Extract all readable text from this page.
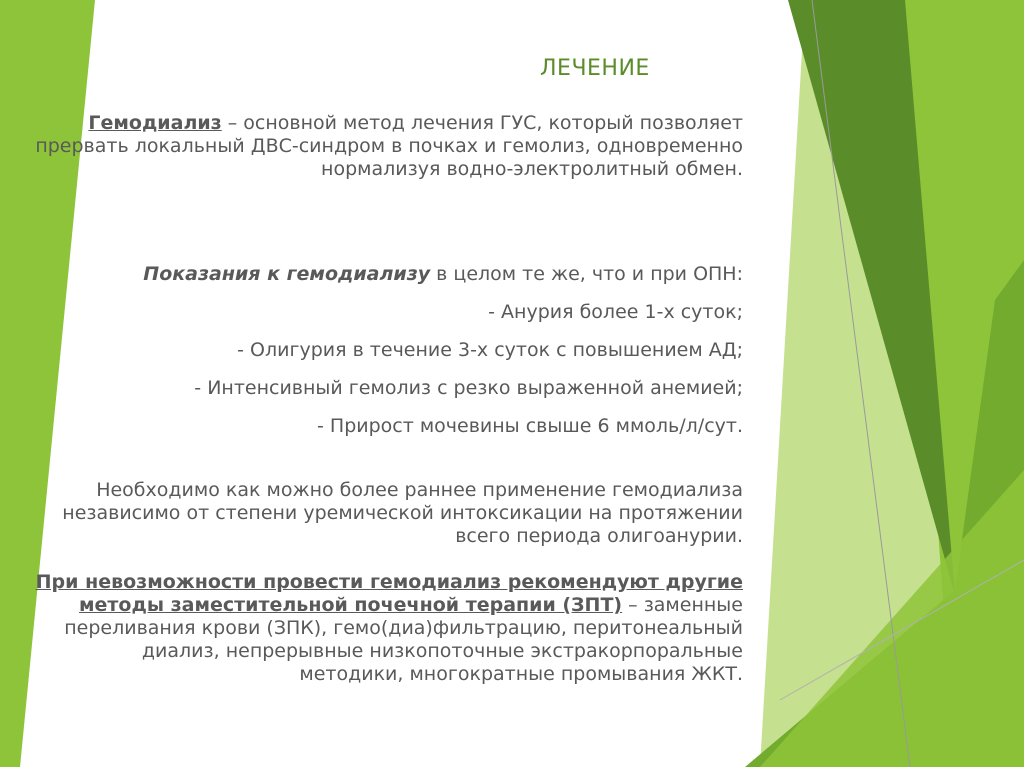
ЛЕЧЕНИЕ
Гемодиализ – основной метод лечения ГУС, который позволяет прервать локальный ДВС-синдром в почках и гемолиз, одновременно нормализуя водно-электролитный обмен.
Показания к гемодиализу в целом те же, что и при ОПН:
- Анурия более 1-х суток;
- Олигурия в течение 3-х суток с повышением АД;
- Интенсивный гемолиз с резко выраженной анемией;
- Прирост мочевины свыше 6 ммоль/л/сут.
Необходимо как можно более раннее применение гемодиализа независимо от степени уремической интоксикации на протяжении всего периода олигоанурии.
При невозможности провести гемодиализ рекомендуют другие методы заместительной почечной терапии (ЗПТ) – заменные переливания крови (ЗПК), гемо(диа)фильтрацию, перитонеальный диализ, непрерывные низкопоточные экстракорпоральные методики, многократные промывания ЖКТ.
